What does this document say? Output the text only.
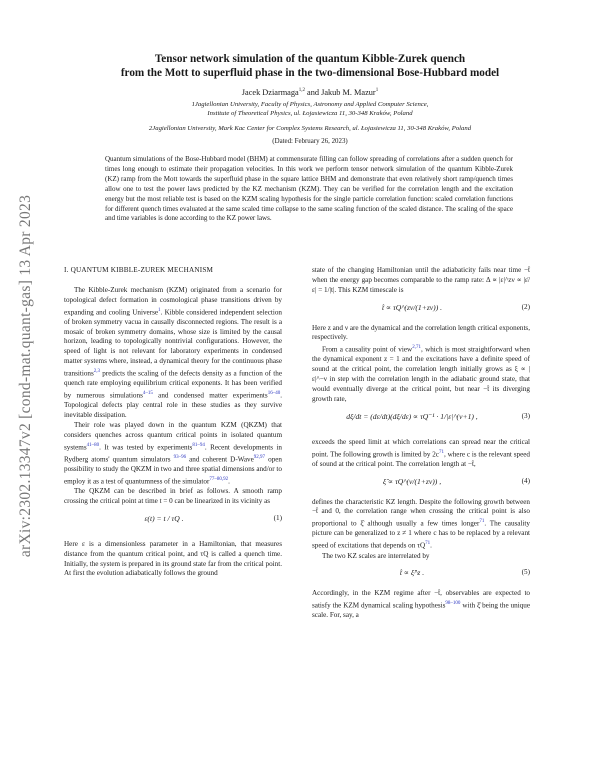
arXiv:2302.13347v2 [cond-mat.quant-gas] 13 Apr 2023
Tensor network simulation of the quantum Kibble-Zurek quench
from the Mott to superfluid phase in the two-dimensional Bose-Hubbard model
Jacek Dziarmaga$^{1,2}$ and Jakub M. Mazur$^1$
1Jagiellonian University, Faculty of Physics, Astronomy and Applied Computer Science,
Institute of Theoretical Physics, ul. Łojasiewicza 11, 30-348 Kraków, Poland
2Jagiellonian University, Mark Kac Center for Complex Systems Research, ul. Łojasiewicza 11, 30-348 Kraków, Poland
(Dated: February 26, 2023)
Quantum simulations of the Bose-Hubbard model (BHM) at commensurate filling can follow spreading of correlations after a sudden quench for times long enough to estimate their propagation velocities. In this work we perform tensor network simulation of the quantum Kibble-Zurek (KZ) ramp from the Mott towards the superfluid phase in the square lattice BHM and demonstrate that even relatively short ramp/quench times allow one to test the power laws predicted by the KZ mechanism (KZM). They can be verified for the correlation length and the excitation energy but the most reliable test is based on the KZM scaling hypothesis for the single particle correlation function: scaled correlation functions for different quench times evaluated at the same scaled time collapse to the same scaling function of the scaled distance. The scaling of the space and time variables is done according to the KZ power laws.
I. QUANTUM KIBBLE-ZUREK MECHANISM

The Kibble-Zurek mechanism (KZM) originated from a scenario for topological defect formation in cosmological phase transitions driven by expanding and cooling Universe$^1$. Kibble considered independent selection of broken symmetry vacua in causally disconnected regions. The result is a mosaic of broken symmetry domains, whose size is limited by the causal horizon, leading to topologically nontrivial configurations. However, the speed of light is not relevant for laboratory experiments in condensed matter systems where, instead, a dynamical theory for the continuous phase transitions$^{2,3}$ predicts the scaling of the defects density as a function of the quench rate employing equilibrium critical exponents. It has been verified by numerous simulations$^{4-15}$ and condensed matter experiments$^{16-40}$. Topological defects play central role in these studies as they survive inevitable dissipation.

Their role was played down in the quantum KZM (QKZM) that considers quenches across quantum critical points in isolated quantum systems$^{41-80}$. It was tested by experiments$^{81-94}$. Recent developments in Rydberg atoms' quantum simulators $^{93-96}$ and coherent D-Wave$^{92,97}$ open possibility to study the QKZM in two and three spatial dimensions and/or to employ it as a test of quantumness of the simulator$^{77-80,92}$.

The QKZM can be described in brief as follows. A smooth ramp crossing the critical point at time t = 0 can be linearized in its vicinity as

ε(t) = t / τQ .	(1)

Here ε is a dimensionless parameter in a Hamiltonian, that measures distance from the quantum critical point, and τQ is called a quench time. Initially, the system is prepared in its ground state far from the critical point. At first the evolution adiabatically follows the ground

state of the changing Hamiltonian until the adiabaticity fails near time −t̂ when the energy gap becomes comparable to the ramp rate: Δ ∝ |ε|^zν ∝ |ε̇/ε| = 1/|t|. This KZM timescale is

t̂ ∝ τQ^(zν/(1+zν)) .	(2)

Here z and ν are the dynamical and the correlation length critical exponents, respectively.

From a causality point of view$^{2,71}$, which is most straightforward when the dynamical exponent z = 1 and the excitations have a definite speed of sound at the critical point, the correlation length initially grows as ξ ∝ |ε|^−ν in step with the correlation length in the adiabatic ground state, that would eventually diverge at the critical point, but near −t̂ its diverging growth rate,

dξ/dt = (dε/dt)(dξ/dε) ∝ τQ⁻¹ · 1/|ε|^(ν+1) ,	(3)

exceeds the speed limit at which correlations can spread near the critical point. The following growth is limited by $2c^{71}$, where c is the relevant speed of sound at the critical point. The correlation length at −t̂,

ξ̂ ∝ τQ^(ν/(1+zν)) ,	(4)

defines the characteristic KZ length. Despite the following growth between −t̂ and 0, the correlation range when crossing the critical point is also proportional to ξ̂ although usually a few times longer$^{71}$. The causality picture can be generalized to z ≠ 1 where c has to be replaced by a relevant speed of excitations that depends on $\tau Q^{71}$.

The two KZ scales are interrelated by

t̂ ∝ ξ̂^z .	(5)

Accordingly, in the KZM regime after −t̂, observables are expected to satisfy the KZM dynamical scaling hypothesis$^{98-100}$ with ξ̂ being the unique scale. For, say, a
